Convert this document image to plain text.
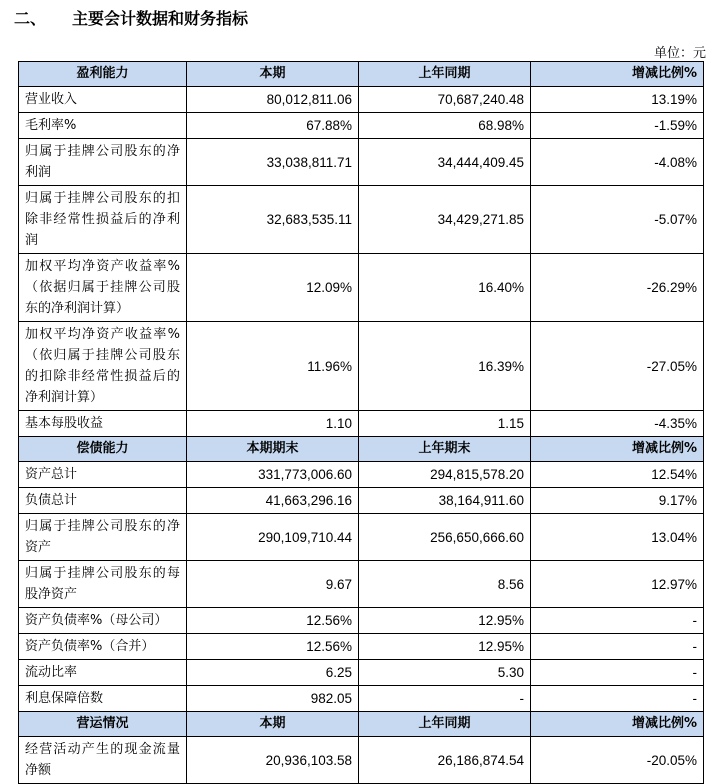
二、 主要会计数据和财务指标
单位：元
盈利能力	本期	上年同期	增减比例%
营业收入	80,012,811.06	70,687,240.48	13.19%
毛利率%	67.88%	68.98%	-1.59%
归属于挂牌公司股东的净利润	33,038,811.71	34,444,409.45	-4.08%
归属于挂牌公司股东的扣除非经常性损益后的净利润	32,683,535.11	34,429,271.85	-5.07%
加权平均净资产收益率%（依据归属于挂牌公司股东的净利润计算）	12.09%	16.40%	-26.29%
加权平均净资产收益率%（依归属于挂牌公司股东的扣除非经常性损益后的净利润计算）	11.96%	16.39%	-27.05%
基本每股收益	1.10	1.15	-4.35%
偿债能力	本期期末	上年期末	增减比例%
资产总计	331,773,006.60	294,815,578.20	12.54%
负债总计	41,663,296.16	38,164,911.60	9.17%
归属于挂牌公司股东的净资产	290,109,710.44	256,650,666.60	13.04%
归属于挂牌公司股东的每股净资产	9.67	8.56	12.97%
资产负债率%（母公司）	12.56%	12.95%	-
资产负债率%（合并）	12.56%	12.95%	-
流动比率	6.25	5.30	-
利息保障倍数	982.05	-	-
营运情况	本期	上年同期	增减比例%
经营活动产生的现金流量净额	20,936,103.58	26,186,874.54	-20.05%
